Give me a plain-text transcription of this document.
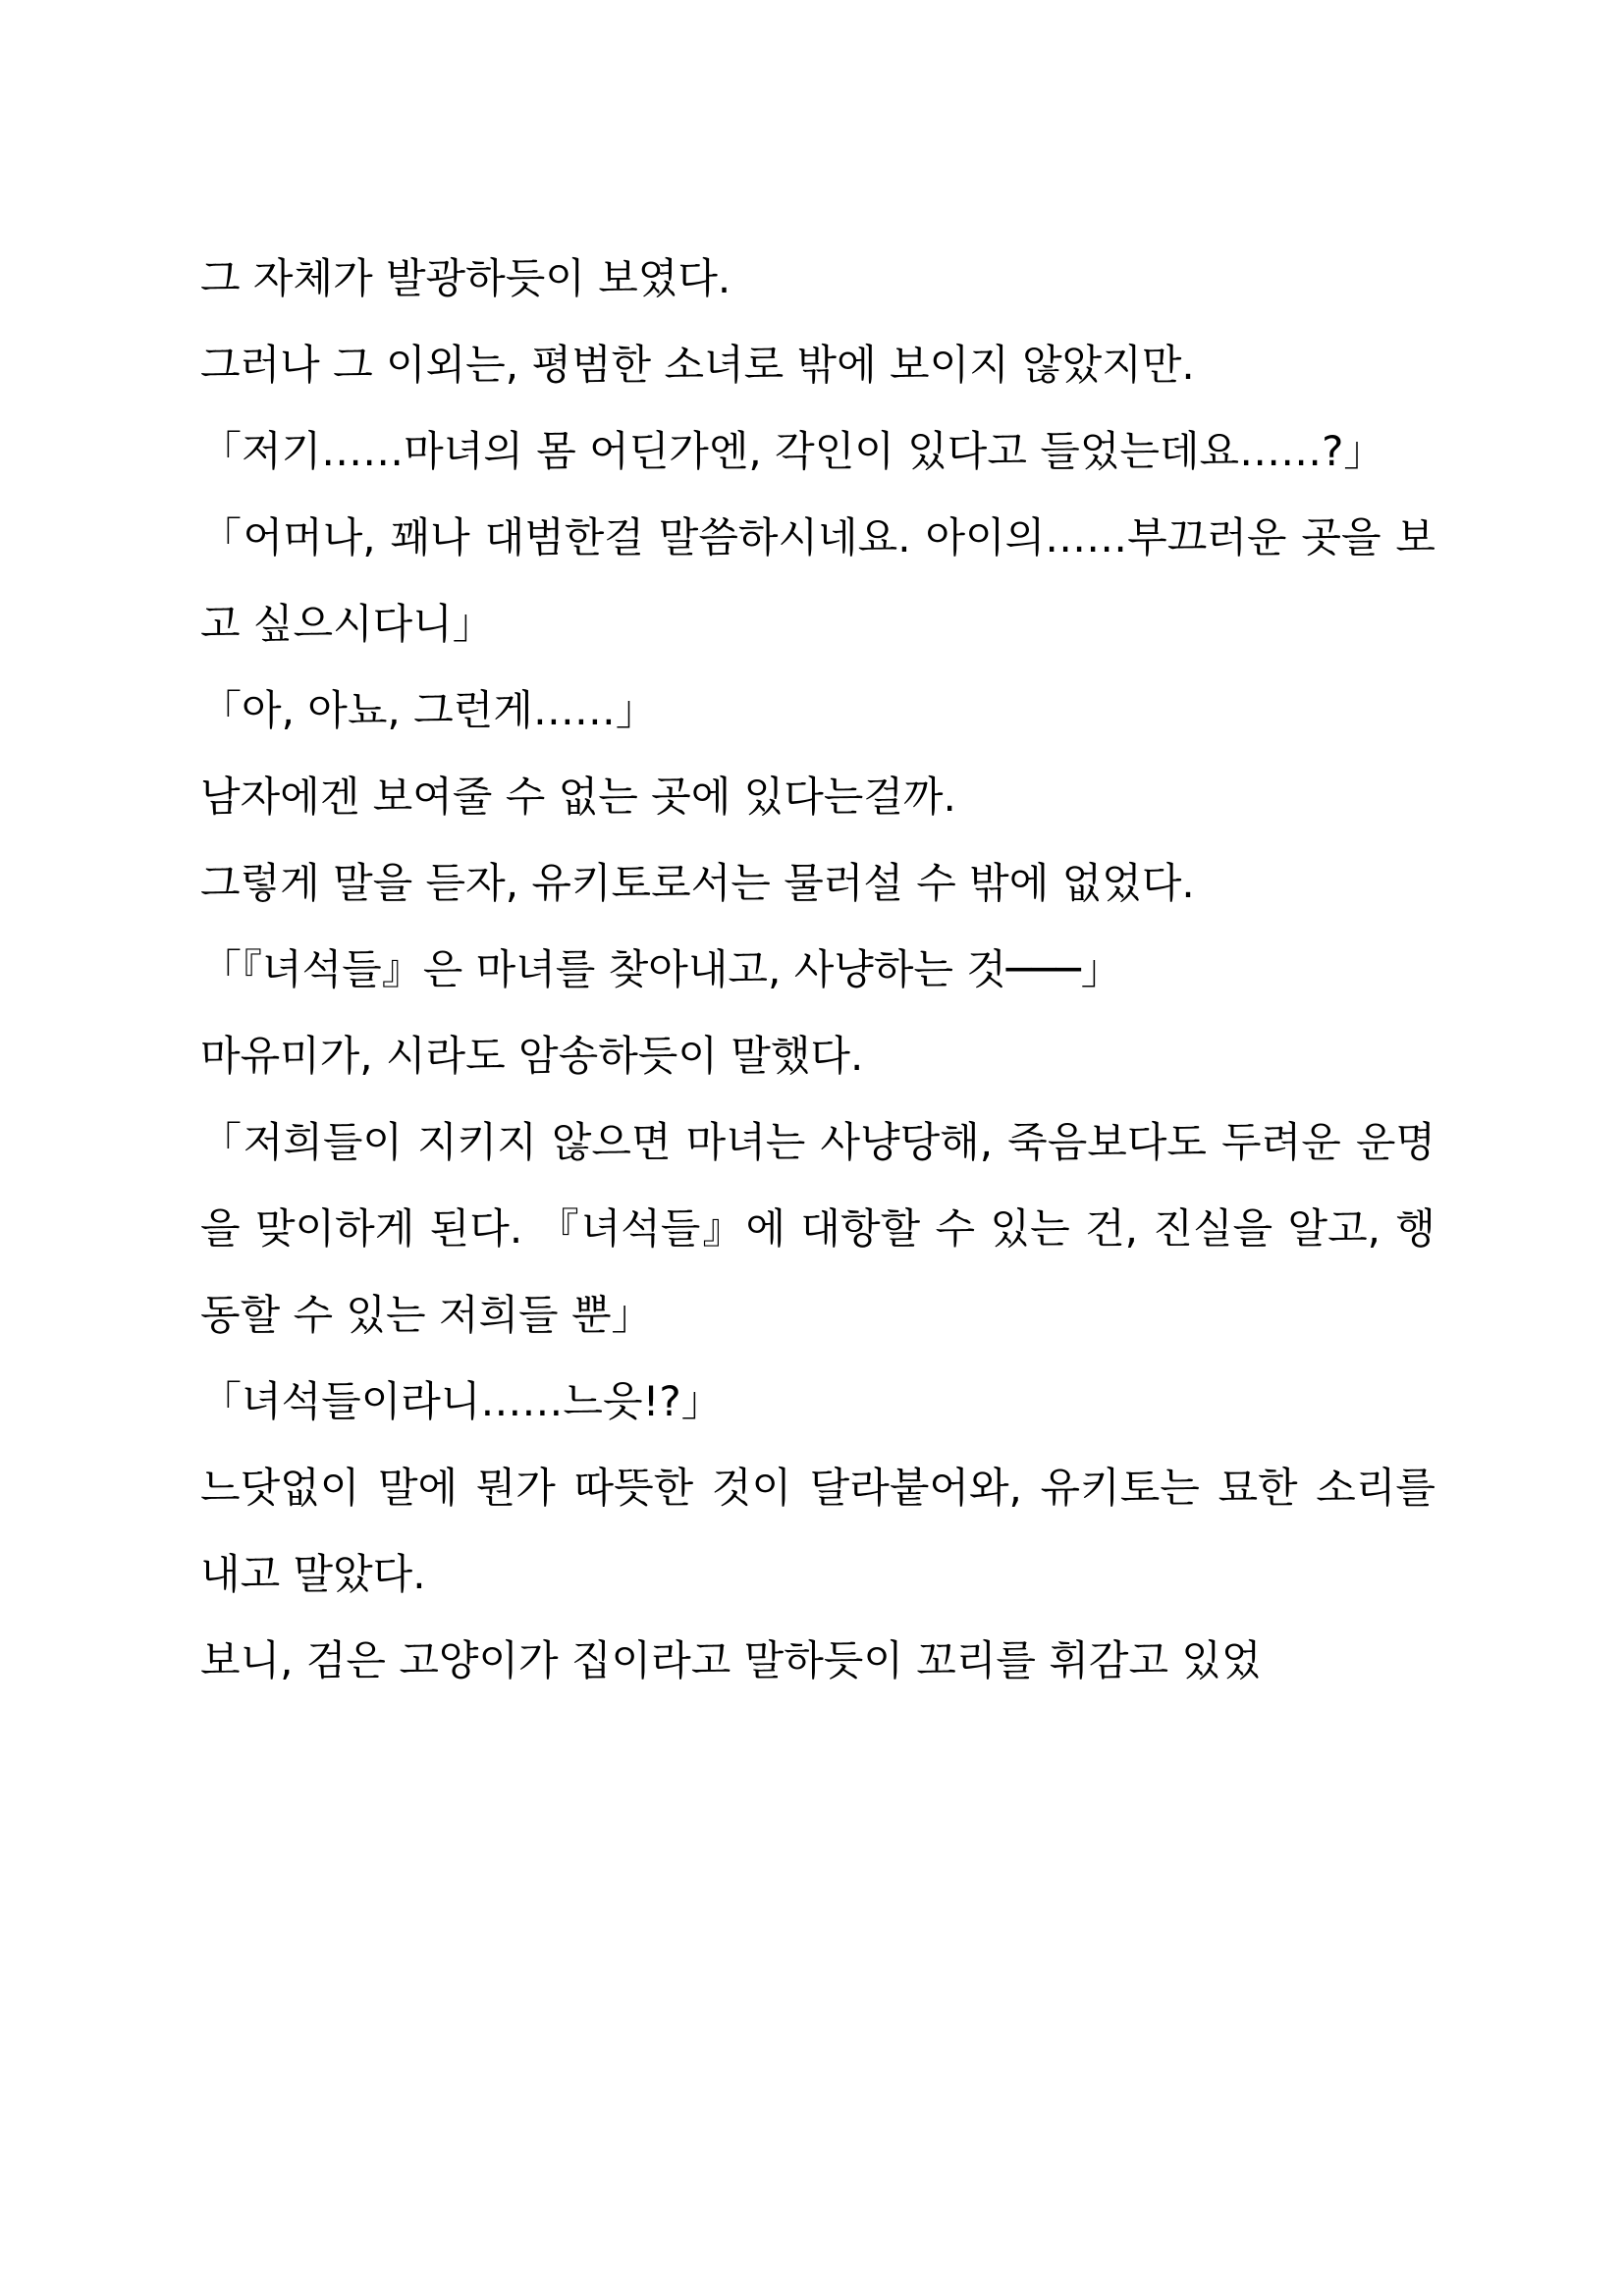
그 자체가 발광하듯이 보였다.

그러나 그 이외는, 평범한 소녀로 밖에 보이지 않았지만.

「저기……마녀의 몸 어딘가엔, 각인이 있다고 들었는데요……?」

「어머나, 꽤나 대범한걸 말씀하시네요. 아이의……부끄러운 곳을 보고 싶으시다니」

「아, 아뇨, 그런게……」

남자에겐 보여줄 수 없는 곳에 있다는걸까.

그렇게 말을 듣자, 유키토로서는 물러설 수 밖에 없었다.

「『녀석들』은 마녀를 찾아내고, 사냥하는 것───」

마유미가, 시라도 암송하듯이 말했다.

「저희들이 지키지 않으면 마녀는 사냥당해, 죽음보다도 두려운 운명을 맞이하게 된다. 『녀석들』에 대항할 수 있는 건, 진실을 알고, 행동할 수 있는 저희들 뿐」

「녀석들이라니……느읏!?」

느닷없이 말에 뭔가 따뜻한 것이 달라붙어와, 유키토는 묘한 소리를 내고 말았다.

보니, 검은 고양이가 집이라고 말하듯이 꼬리를 휘감고 있었
